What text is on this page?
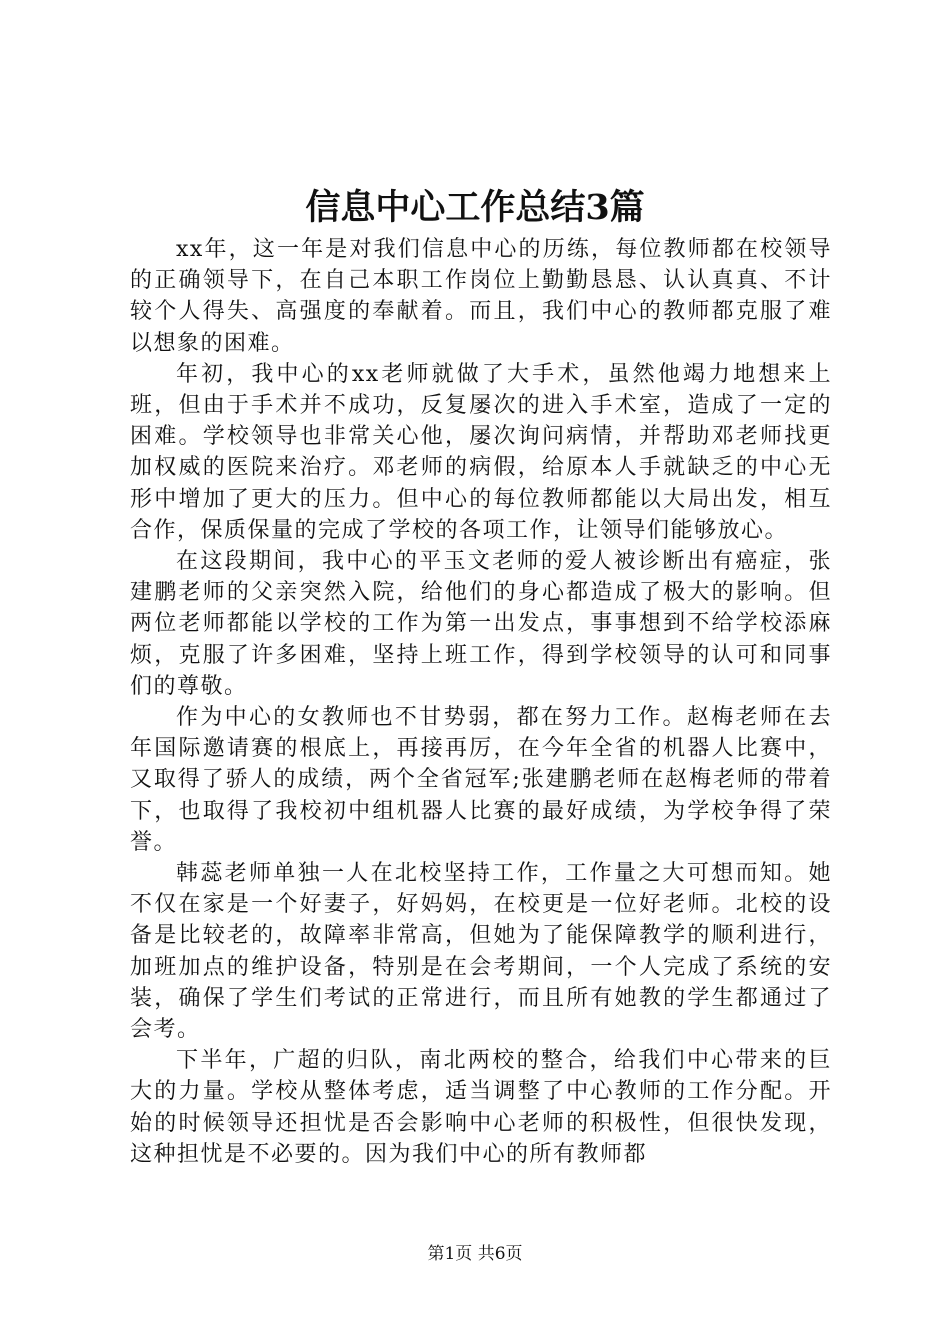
信息中心工作总结3篇

xx年，这一年是对我们信息中心的历练，每位教师都在校领导的正确领导下，在自己本职工作岗位上勤勤恳恳、认认真真、不计较个人得失、高强度的奉献着。而且，我们中心的教师都克服了难以想象的困难。

年初，我中心的xx老师就做了大手术，虽然他竭力地想来上班，但由于手术并不成功，反复屡次的进入手术室，造成了一定的困难。学校领导也非常关心他，屡次询问病情，并帮助邓老师找更加权威的医院来治疗。邓老师的病假，给原本人手就缺乏的中心无形中增加了更大的压力。但中心的每位教师都能以大局出发，相互合作，保质保量的完成了学校的各项工作，让领导们能够放心。

在这段期间，我中心的平玉文老师的爱人被诊断出有癌症，张建鹏老师的父亲突然入院，给他们的身心都造成了极大的影响。但两位老师都能以学校的工作为第一出发点，事事想到不给学校添麻烦，克服了许多困难，坚持上班工作，得到学校领导的认可和同事们的尊敬。

作为中心的女教师也不甘势弱，都在努力工作。赵梅老师在去年国际邀请赛的根底上，再接再厉，在今年全省的机器人比赛中，又取得了骄人的成绩，两个全省冠军;张建鹏老师在赵梅老师的带着下，也取得了我校初中组机器人比赛的最好成绩，为学校争得了荣誉。

韩蕊老师单独一人在北校坚持工作，工作量之大可想而知。她不仅在家是一个好妻子，好妈妈，在校更是一位好老师。北校的设备是比较老的，故障率非常高，但她为了能保障教学的顺利进行，加班加点的维护设备，特别是在会考期间，一个人完成了系统的安装，确保了学生们考试的正常进行，而且所有她教的学生都通过了会考。

下半年，广超的归队，南北两校的整合，给我们中心带来的巨大的力量。学校从整体考虑，适当调整了中心教师的工作分配。开始的时候领导还担忧是否会影响中心老师的积极性，但很快发现，这种担忧是不必要的。因为我们中心的所有教师都

第1页 共6页
